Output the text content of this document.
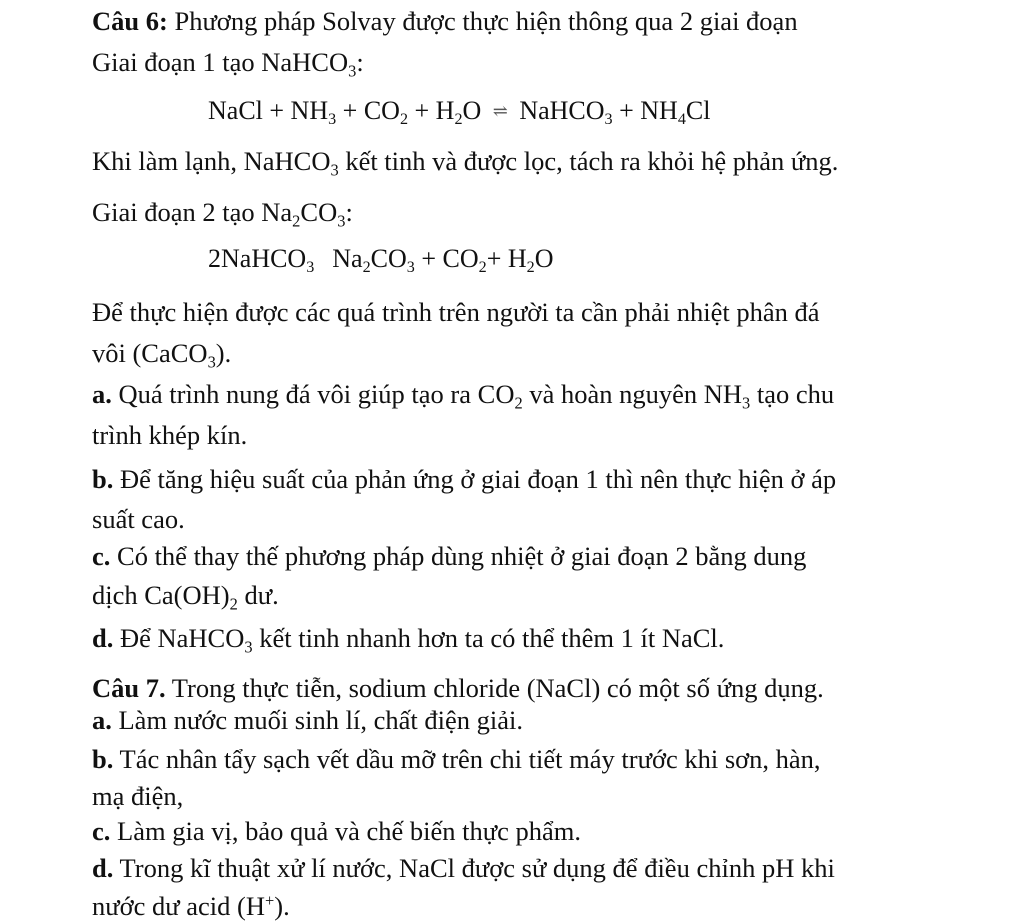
Câu 6: Phương pháp Solvay được thực hiện thông qua 2 giai đoạn
Giai đoạn 1 tạo NaHCO$_3$:
NaCl + $NH_3 + CO_2 + H_2O$ ⇌ NaHCO$_3$ + $NH_4Cl$
Khi làm lạnh, NaHCO$_3$ kết tinh và được lọc, tách ra khỏi hệ phản ứng.
Giai đoạn 2 tạo $Na_2CO_3$:
2NaHCO$_3$ $Na_2CO_3 + CO_2+ H_2O$
Để thực hiện được các quá trình trên người ta cần phải nhiệt phân đá
vôi (CaCO$_3$).
a. Quá trình nung đá vôi giúp tạo ra $CO_2$ và hoàn nguyên $NH_3$ tạo chu
trình khép kín.
b. Để tăng hiệu suất của phản ứng ở giai đoạn 1 thì nên thực hiện ở áp
suất cao.
c. Có thể thay thế phương pháp dùng nhiệt ở giai đoạn 2 bằng dung
dịch $Ca(OH)_2$ dư.
d. Để NaHCO$_3$ kết tinh nhanh hơn ta có thể thêm 1 ít NaCl.
Câu 7. Trong thực tiễn, sodium chloride (NaCl) có một số ứng dụng.
a. Làm nước muối sinh lí, chất điện giải.
b. Tác nhân tẩy sạch vết dầu mỡ trên chi tiết máy trước khi sơn, hàn,
mạ điện,
c. Làm gia vị, bảo quả và chế biến thực phẩm.
d. Trong kĩ thuật xử lí nước, NaCl được sử dụng để điều chỉnh pH khi
nước dư acid (H+).
